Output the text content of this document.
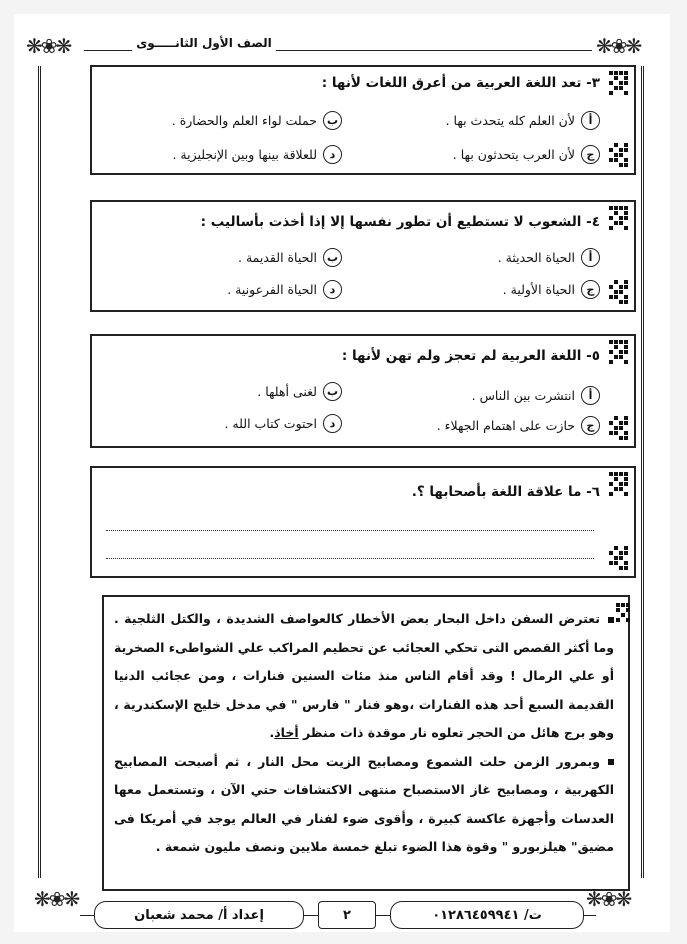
❋❀❋	❋❀❋
الصف الأول الثانـــــوى
٣- تعد اللغة العربية من أعرق اللغات لأنها :
أ
لأن العلم كله يتحدث بها .
ب
حملت لواء العلم والحضارة .
ج
لأن العرب يتحدثون بها .
د
للعلاقة بينها وبين الإنجليزية .
٤- الشعوب لا تستطيع أن تطور نفسها إلا إذا أخذت بأساليب :
أ
الحياة الحديثة .
ب
الحياة القديمة .
ج
الحياة الأولية .
د
الحياة الفرعونية .
٥- اللغة العربية لم تعجز ولم تهن لأنها :
أ
انتشرت بين الناس .
ب
لغنى أهلها .
ج
حازت على اهتمام الجهلاء .
د
احتوت كتاب الله .
٦- ما علاقة اللغة بأصحابها ؟.

تعترض السفن داخل البحار بعض الأخطار كالعواصف الشديدة ، والكتل الثلجية . وما أكثر القصص التى تحكي العجائب عن تحطيم المراكب علي الشواطىء الصخرية أو علي الرمال ! وقد أقام الناس منذ مئات السنين فنارات ، ومن عجائب الدنيا القديمة السبع أحد هذه الفنارات ،وهو فنار " فارس " في مدخل خليج الإسكندرية ، وهو برج هائل من الحجر تعلوه نار موقدة ذات منظر أخاذ.

وبمرور الزمن حلت الشموع ومصابيح الزيت محل النار ، ثم أصبحت المصابيح الكهربية ، ومصابيح غاز الاستصباح منتهى الاكتشافات حتي الآن ، وتستعمل معها العدسات وأجهزة عاكسة كبيرة ، وأقوى ضوء لفنار في العالم يوجد في أمريكا فى مضيق" هيلزبورو " وقوة هذا الضوء تبلغ خمسة ملايين ونصف مليون شمعة .

❋❀❋	❋❀❋
إعداد أ/ محمد شعبان	٢	ت/ ٠١٢٨٦٤٥٩٩٤١
